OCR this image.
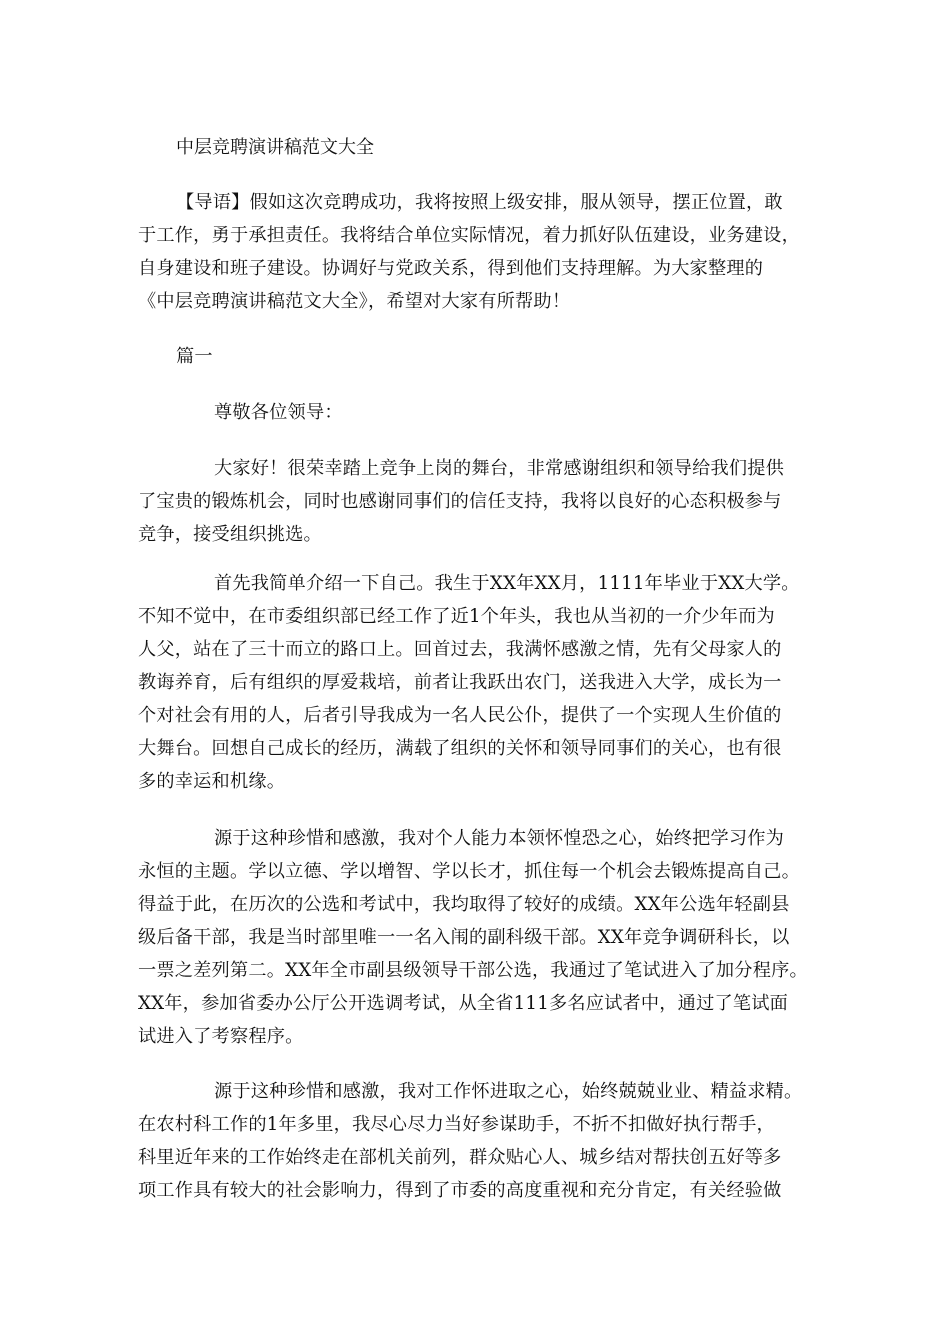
中层竞聘演讲稿范文大全
【导语】假如这次竞聘成功，我将按照上级安排，服从领导，摆正位置，敢
于工作，勇于承担责任。我将结合单位实际情况，着力抓好队伍建设，业务建设，
自身建设和班子建设。协调好与党政关系，得到他们支持理解。为大家整理的
《中层竞聘演讲稿范文大全》，希望对大家有所帮助！
篇一
尊敬各位领导：
大家好！很荣幸踏上竞争上岗的舞台，非常感谢组织和领导给我们提供
了宝贵的锻炼机会，同时也感谢同事们的信任支持，我将以良好的心态积极参与
竞争，接受组织挑选。
首先我简单介绍一下自己。我生于XX年XX月，1111年毕业于XX大学。
不知不觉中，在市委组织部已经工作了近1个年头，我也从当初的一介少年而为
人父，站在了三十而立的路口上。回首过去，我满怀感激之情，先有父母家人的
教诲养育，后有组织的厚爱栽培，前者让我跃出农门，送我进入大学，成长为一
个对社会有用的人，后者引导我成为一名人民公仆，提供了一个实现人生价值的
大舞台。回想自己成长的经历，满载了组织的关怀和领导同事们的关心，也有很
多的幸运和机缘。
源于这种珍惜和感激，我对个人能力本领怀惶恐之心，始终把学习作为
永恒的主题。学以立德、学以增智、学以长才，抓住每一个机会去锻炼提高自己。
得益于此，在历次的公选和考试中，我均取得了较好的成绩。XX年公选年轻副县
级后备干部，我是当时部里唯一一名入闱的副科级干部。XX年竞争调研科长，以
一票之差列第二。XX年全市副县级领导干部公选，我通过了笔试进入了加分程序。
XX年，参加省委办公厅公开选调考试，从全省111多名应试者中，通过了笔试面
试进入了考察程序。
源于这种珍惜和感激，我对工作怀进取之心，始终兢兢业业、精益求精。
在农村科工作的1年多里，我尽心尽力当好参谋助手，不折不扣做好执行帮手，
科里近年来的工作始终走在部机关前列，群众贴心人、城乡结对帮扶创五好等多
项工作具有较大的社会影响力，得到了市委的高度重视和充分肯定，有关经验做
